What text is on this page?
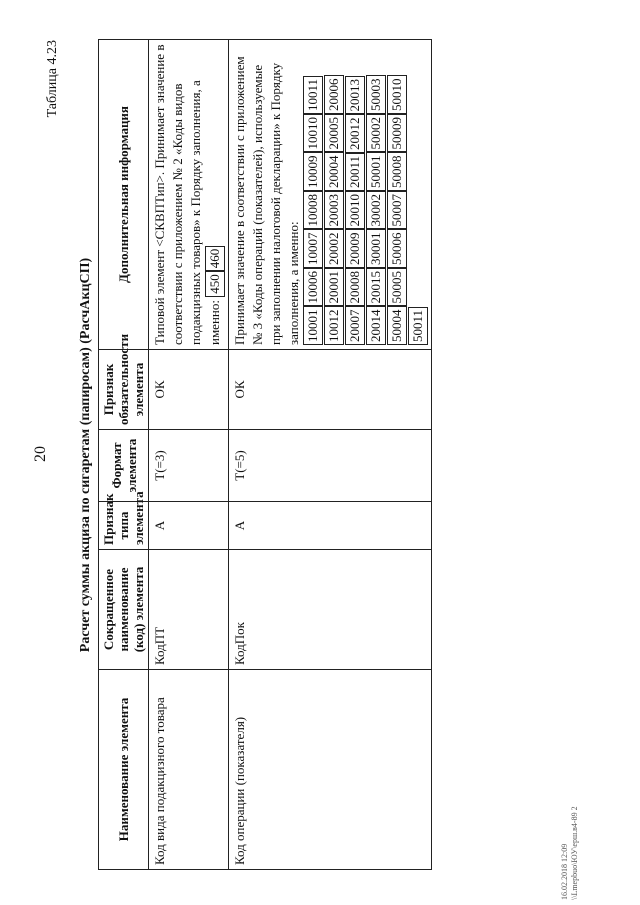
20
16.02.2018 12:09 \\Lmepbuo\ЮУ\ерш.в4-89 2
Таблица 4.23
Расчет суммы акциза по сигаретам (папиросам) (РасчАкцСП)
Наименование элемента	Сокращенное наименование (код) элемента	Признак типа элемента	Формат элемента	Признак обязательности элемента	Дополнительная информация
Код вида подакцизного товара	КодПТ	А	Т(=3)	ОК	Типовой элемент <СКВПТип>. Принимает значение в соответствии с приложением № 2 «Коды видов подакцизных товаров» к Порядку заполнения, а именно: 450460
Код операции (показателя)	КодПок	А	Т(=5)	ОК	Принимает значение в соответствии с приложением № 3 «Коды операций (показателей), используемые при заполнении налоговой декларации» к Порядку заполнения, а именно: 100011000610007100081000910010100111001220001200022000320004200052000620007200082000920010200112001220013200142001530001300025000150002500035000450005500065000750008500095001050011
